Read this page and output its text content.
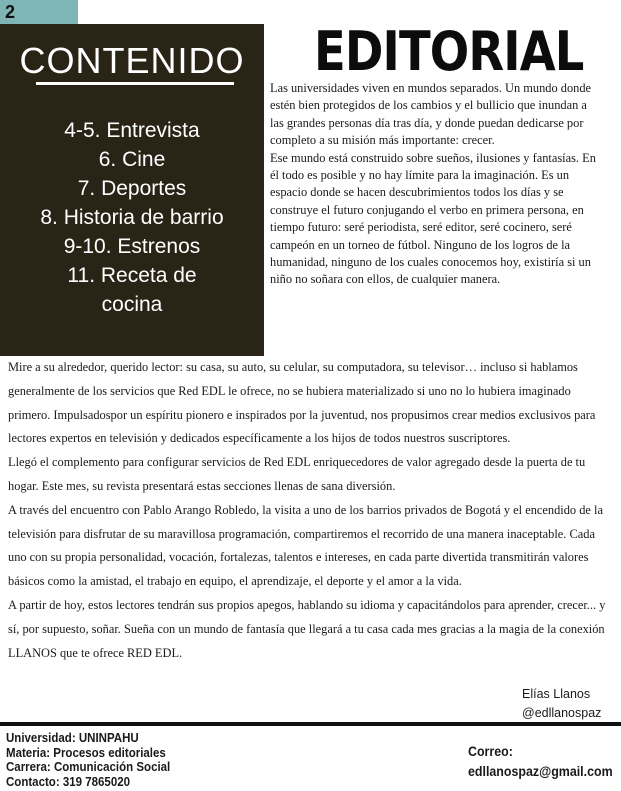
2
CONTENIDO
4-5. Entrevista
6. Cine
7. Deportes
8. Historia de barrio
9-10. Estrenos
11. Receta de
cocina
EDITORIAL

Las universidades viven en mundos separados. Un mundo donde estén bien protegidos de los cambios y el bullicio que inundan a las grandes personas día tras día, y donde puedan dedicarse por completo a su misión más importante: crecer.

Ese mundo está construido sobre sueños, ilusiones y fantasías. En él todo es posible y no hay límite para la imaginación. Es un espacio donde se hacen descubrimientos todos los días y se construye el futuro conjugando el verbo en primera persona, en tiempo futuro: seré periodista, seré editor, seré cocinero, seré campeón en un torneo de fútbol. Ninguno de los logros de la humanidad, ninguno de los cuales conocemos hoy, existiría si un niño no soñara con ellos, de cualquier manera.

Mire a su alrededor, querido lector: su casa, su auto, su celular, su computadora, su televisor… incluso si hablamos generalmente de los servicios que Red EDL le ofrece, no se hubiera materializado si uno no lo hubiera imaginado primero. Impulsadospor un espíritu pionero e inspirados por la juventud, nos propusimos crear medios exclusivos para lectores expertos en televisión y dedicados específicamente a los hijos de todos nuestros suscriptores.

Llegó el complemento para configurar servicios de Red EDL enriquecedores de valor agregado desde la puerta de tu hogar. Este mes, su revista presentará estas secciones llenas de sana diversión.

A través del encuentro con Pablo Arango Robledo, la visita a uno de los barrios privados de Bogotá y el encendido de la televisión para disfrutar de su maravillosa programación, compartiremos el recorrido de una manera inaceptable. Cada uno con su propia personalidad, vocación, fortalezas, talentos e intereses, en cada parte divertida transmitirán valores básicos como la amistad, el trabajo en equipo, el aprendizaje, el deporte y el amor a la vida.

A partir de hoy, estos lectores tendrán sus propios apegos, hablando su idioma y capacitándolos para aprender, crecer... y sí, por supuesto, soñar. Sueña con un mundo de fantasía que llegará a tu casa cada mes gracias a la magia de la conexión LLANOS que te ofrece RED EDL.

Elías Llanos
@edllanospaz
Universidad: UNINPAHU
Materia: Procesos editoriales
Carrera: Comunicación Social
Contacto: 319 7865020
Correo:
edllanospaz@gmail.com
